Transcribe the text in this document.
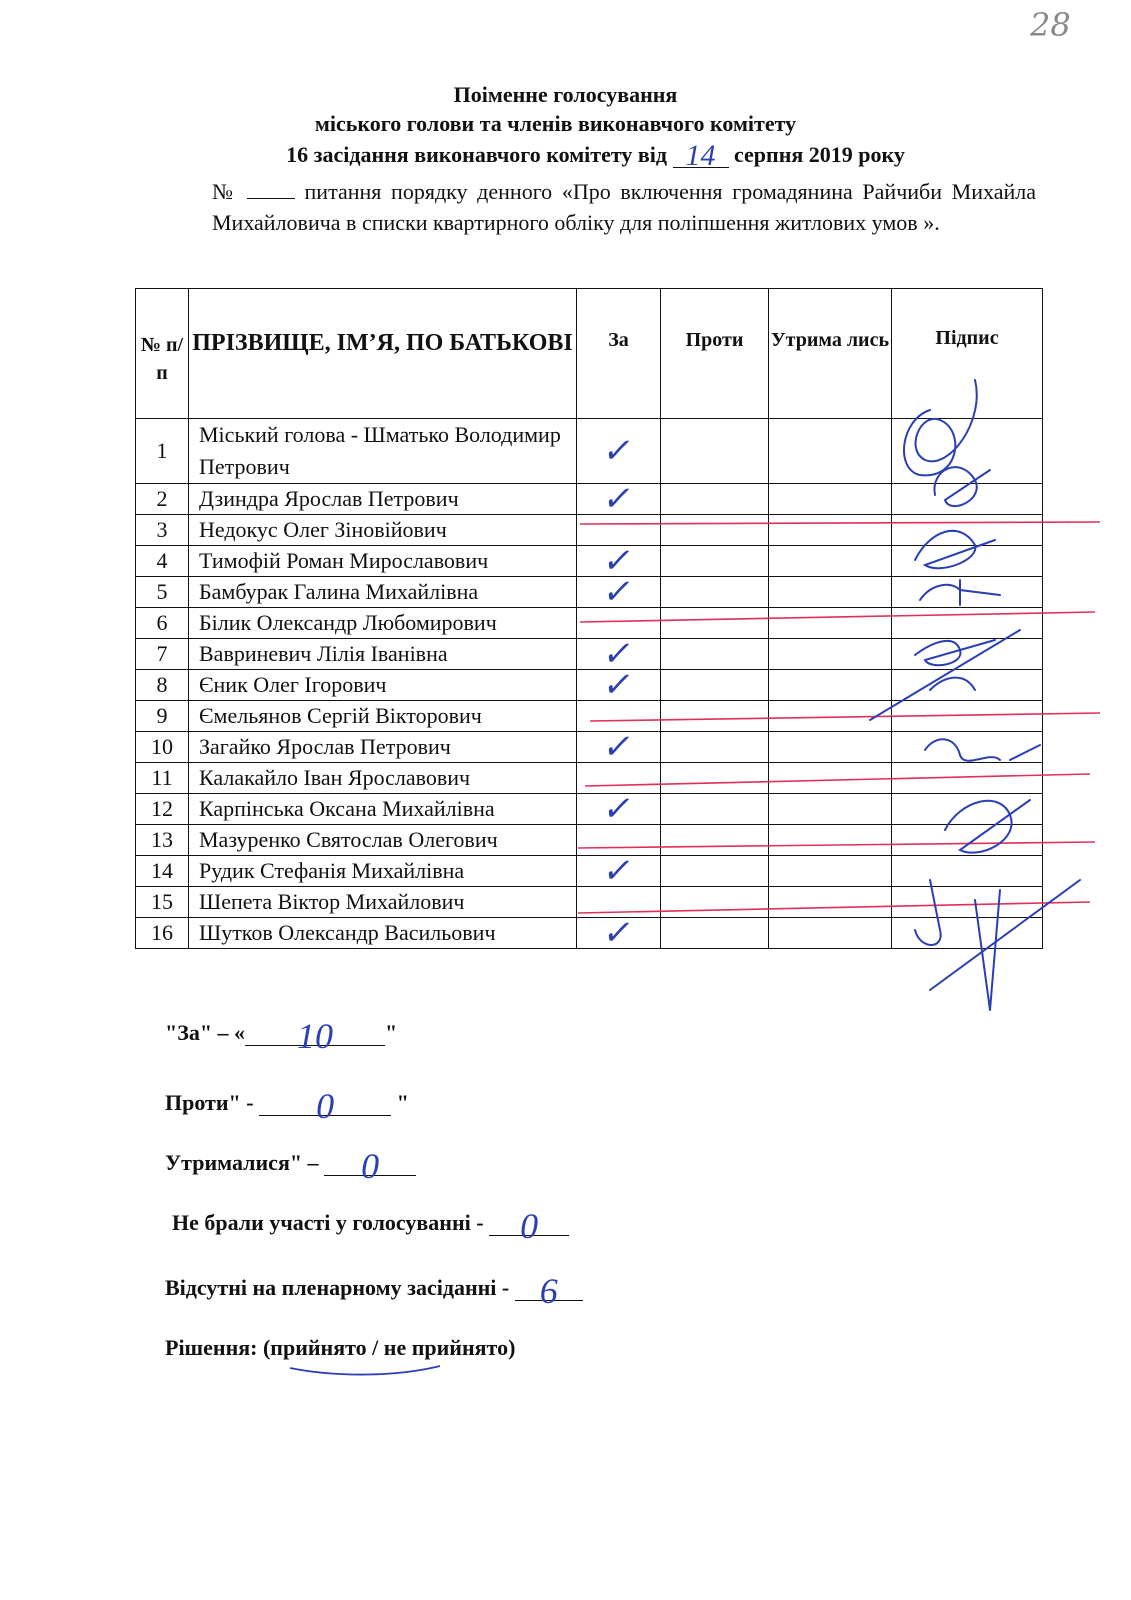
28
Поіменне голосування
міського голови та членів виконавчого комітету
16 засідання виконавчого комітету від 14 серпня 2019 року
№	питання порядку денного «Про включення громадянина Райчиби Михайла Михайловича в списки квартирного обліку для поліпшення житлових умов ».
№ п/п	ПРІЗВИЩЕ, ІМ’Я, ПО БАТЬКОВІ	За	Проти	Утрима лись	Підпис
1	Міський голова - Шматько Володимир Петрович	✓			

2	Дзиндра Ярослав Петрович	✓			

3	Недокус Олег Зіновійович				
4	Тимофій Роман Мирославович	✓			

5	Бамбурак Галина Михайлівна	✓			

6	Білик Олександр Любомирович				
7	Вавриневич Лілія Іванівна	✓			

8	Єник Олег Ігорович	✓			

9	Ємельянов Сергій Вікторович				
10	Загайко Ярослав Петрович	✓			

11	Калакайло Іван Ярославович				
12	Карпінська Оксана Михайлівна	✓			

13	Мазуренко Святослав Олегович				
14	Рудик Стефанія Михайлівна	✓			

15	Шепета Віктор Михайлович				
16	Шутков Олександр Васильович	✓			

"За" – « 10 "
Проти" - 0	"
Утрималися" – 0
Не брали участі у голосуванні - 0
Відсутні на пленарному засіданні - 6
Рішення: (прийнято / не прийнято)
